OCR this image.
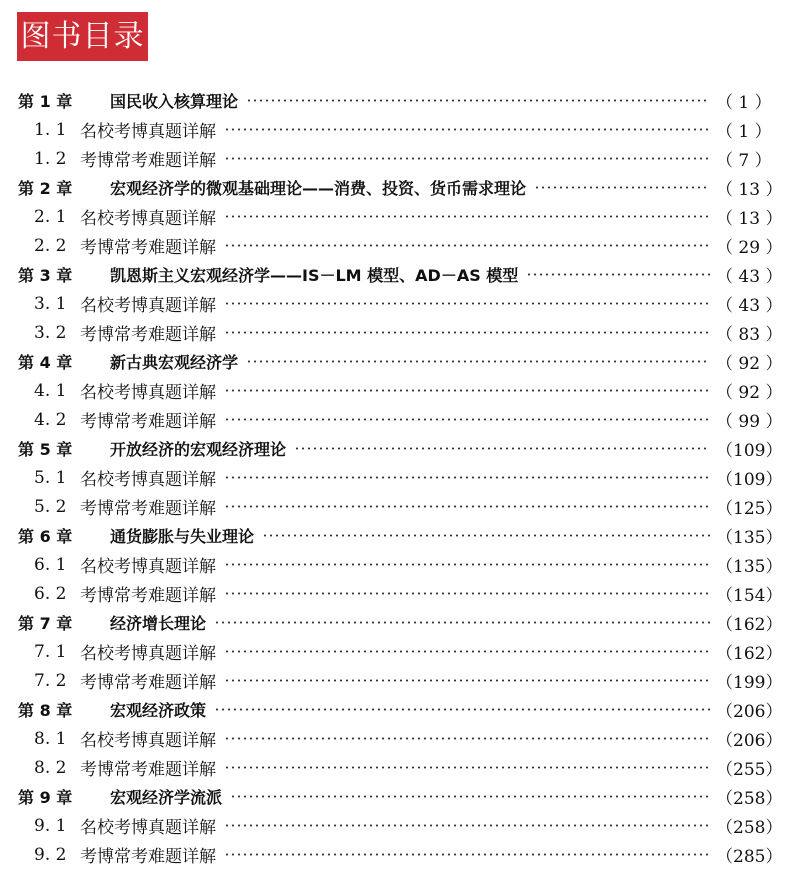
图书目录
第 1 章	国民收入核算理论	（ 1 ）
1. 1 名校考博真题详解	（ 1 ）
1. 2 考博常考难题详解	（ 7 ）
第 2 章	宏观经济学的微观基础理论——消费、投资、货币需求理论	（ 13 ）
2. 1 名校考博真题详解	（ 13 ）
2. 2 考博常考难题详解	（ 29 ）
第 3 章	凯恩斯主义宏观经济学——IS－LM 模型、AD－AS 模型	（ 43 ）
3. 1 名校考博真题详解	（ 43 ）
3. 2 考博常考难题详解	（ 83 ）
第 4 章	新古典宏观经济学	（ 92 ）
4. 1 名校考博真题详解	（ 92 ）
4. 2 考博常考难题详解	（ 99 ）
第 5 章	开放经济的宏观经济理论	（109）
5. 1 名校考博真题详解	（109）
5. 2 考博常考难题详解	（125）
第 6 章	通货膨胀与失业理论	（135）
6. 1 名校考博真题详解	（135）
6. 2 考博常考难题详解	（154）
第 7 章	经济增长理论	（162）
7. 1 名校考博真题详解	（162）
7. 2 考博常考难题详解	（199）
第 8 章	宏观经济政策	（206）
8. 1 名校考博真题详解	（206）
8. 2 考博常考难题详解	（255）
第 9 章	宏观经济学流派	（258）
9. 1 名校考博真题详解	（258）
9. 2 考博常考难题详解	（285）
